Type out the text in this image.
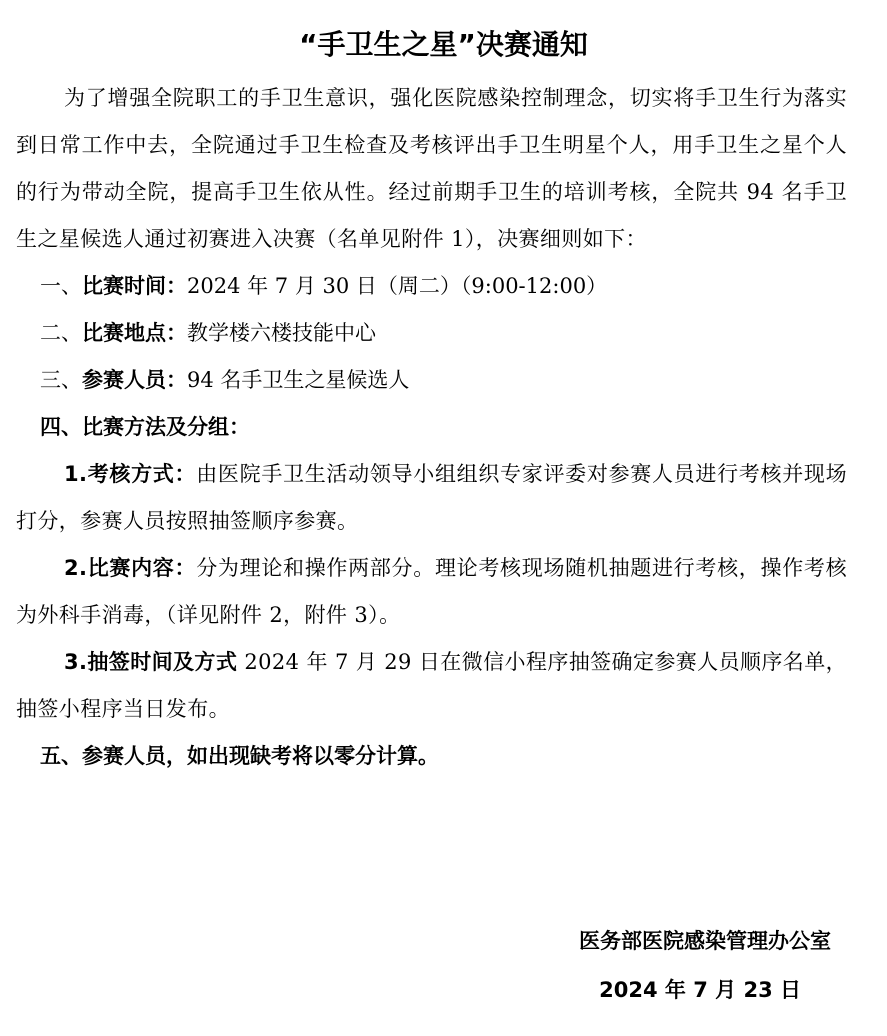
“手卫生之星”决赛通知

为了增强全院职工的手卫生意识，强化医院感染控制理念，切实将手卫生行为落实到日常工作中去，全院通过手卫生检查及考核评出手卫生明星个人，用手卫生之星个人的行为带动全院，提高手卫生依从性。经过前期手卫生的培训考核，全院共 94 名手卫生之星候选人通过初赛进入决赛（名单见附件 1），决赛细则如下：

一、比赛时间：2024 年 7 月 30 日（周二）（9:00-12:00）

二、比赛地点：教学楼六楼技能中心

三、参赛人员：94 名手卫生之星候选人

四、比赛方法及分组：

1.考核方式：由医院手卫生活动领导小组组织专家评委对参赛人员进行考核并现场打分，参赛人员按照抽签顺序参赛。

2.比赛内容：分为理论和操作两部分。理论考核现场随机抽题进行考核，操作考核为外科手消毒，（详见附件 2，附件 3）。

3.抽签时间及方式 2024 年 7 月 29 日在微信小程序抽签确定参赛人员顺序名单，抽签小程序当日发布。

五、参赛人员，如出现缺考将以零分计算。

医务部医院感染管理办公室
2024 年 7 月 23 日
